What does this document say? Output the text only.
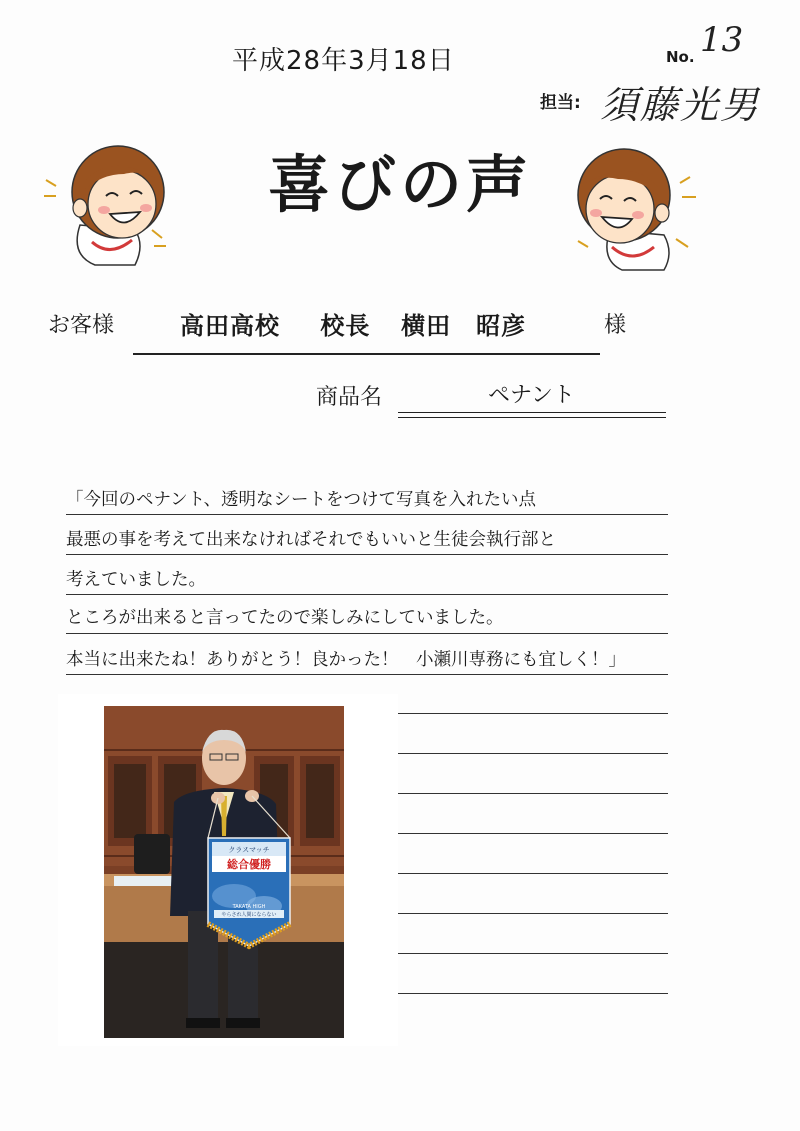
平成28年3月18日	No. 13
担当: 須藤光男
喜びの声
お客様	高田高校　 校長  横田　昭彦	様
商品名	ペナント
「今回のペナント、透明なシートをつけて写真を入れたい点
最悪の事を考えて出来なければそれでもいいと生徒会執行部と
考えていました。
ところが出来ると言ってたので楽しみにしていました。
本当に出来たね！ありがとう！良かった！　小瀬川専務にも宜しく！」
クラスマッチ
総合優勝
TAKATA HIGH
やらされ人間にならない
